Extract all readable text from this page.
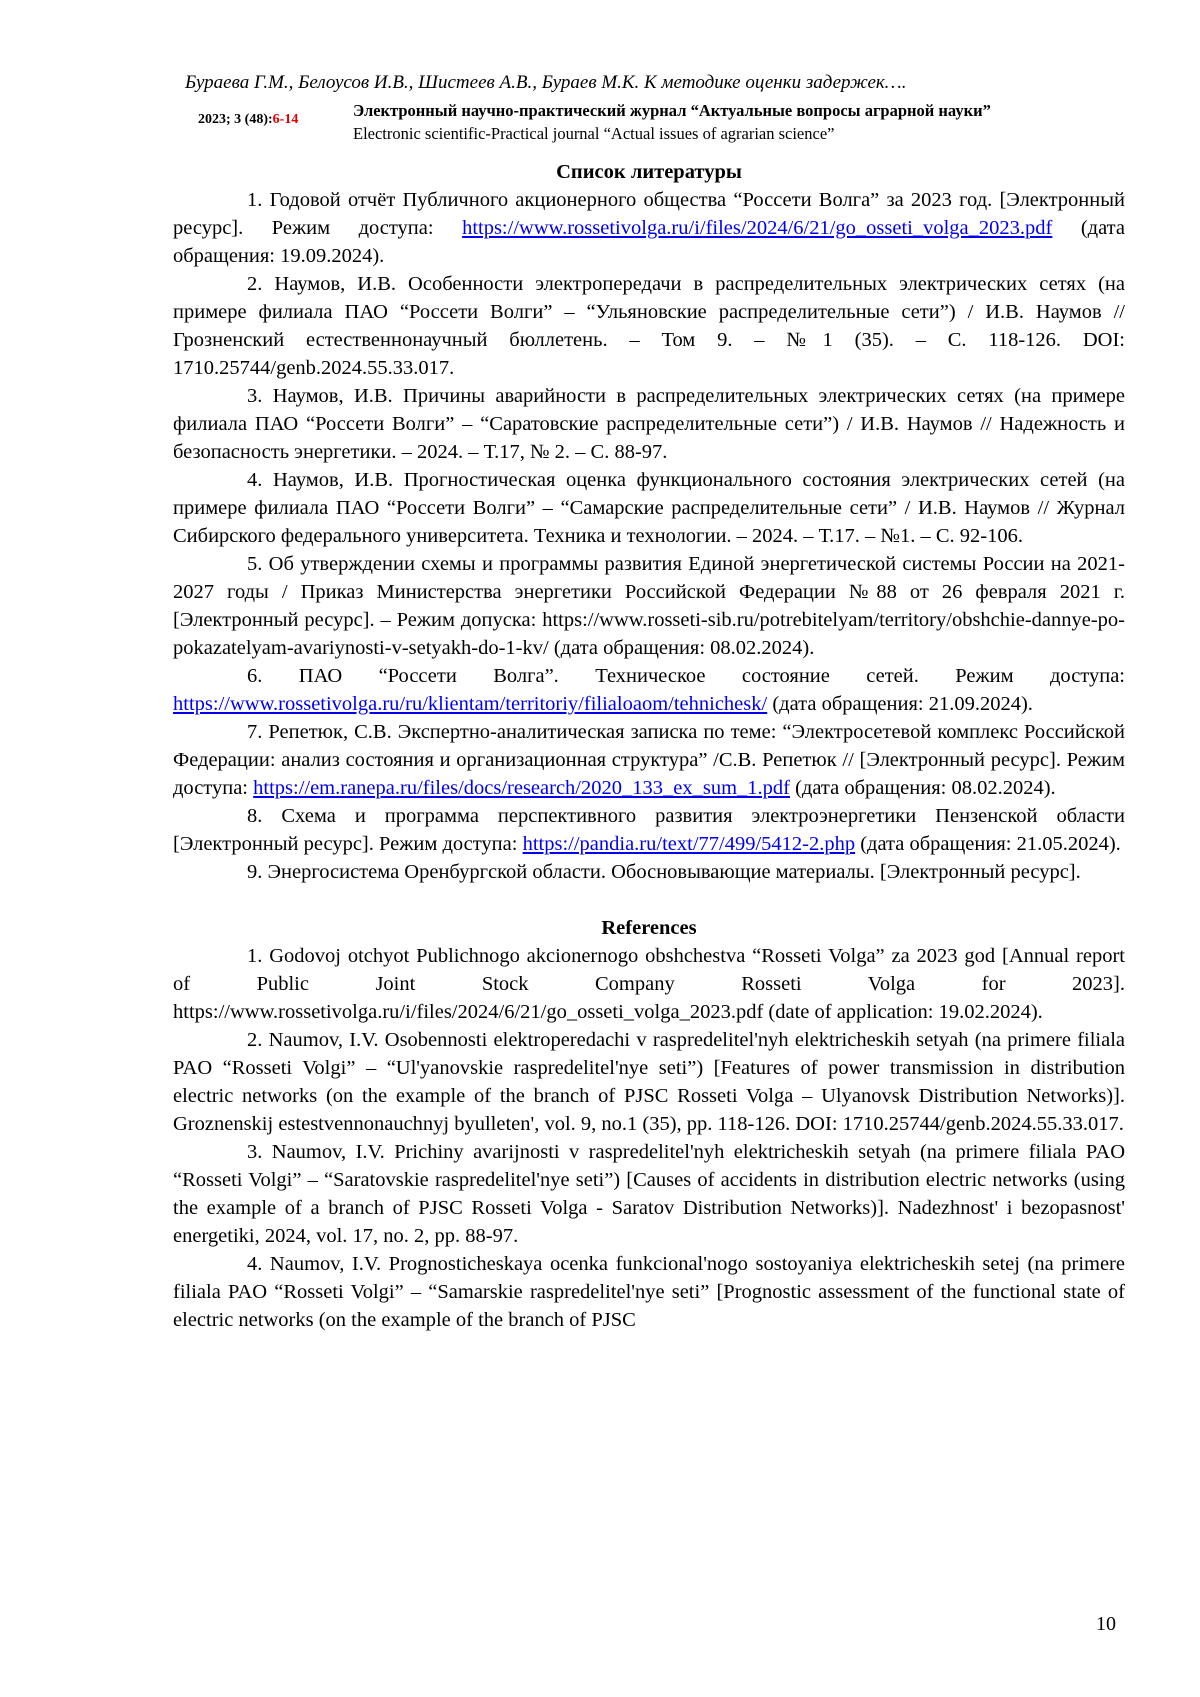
Бураева Г.М., Белоусов И.В., Шистеев А.В., Бураев М.К. К методике оценки задержек….
2023; 3 (48):6-14	Электронный научно-практический журнал “Актуальные вопросы аграрной науки”
Electronic scientific-Practical journal “Actual issues of agrarian science”

Список литературы

1. Годовой отчёт Публичного акционерного общества “Россети Волга” за 2023 год. [Электронный ресурс]. Режим доступа: https://www.rossetivolga.ru/i/files/2024/6/21/go_osseti_volga_2023.pdf (дата обращения: 19.09.2024).

2. Наумов, И.В. Особенности электропередачи в распределительных электрических сетях (на примере филиала ПАО “Россети Волги” – “Ульяновские распределительные сети”) / И.В. Наумов // Грозненский естественнонаучный бюллетень. – Том 9. – №1 (35). – С. 118-126. DOI: 1710.25744/genb.2024.55.33.017.

3. Наумов, И.В. Причины аварийности в распределительных электрических сетях (на примере филиала ПАО “Россети Волги” – “Саратовские распределительные сети”) / И.В. Наумов // Надежность и безопасность энергетики. – 2024. – Т.17, № 2. – С. 88-97.

4. Наумов, И.В. Прогностическая оценка функционального состояния электрических сетей (на примере филиала ПАО “Россети Волги” – “Самарские распределительные сети” / И.В. Наумов // Журнал Сибирского федерального университета. Техника и технологии. – 2024. – Т.17. – №1. – С. 92-106.

5. Об утверждении схемы и программы развития Единой энергетической системы России на 2021-2027 годы / Приказ Министерства энергетики Российской Федерации №88 от 26 февраля 2021 г. [Электронный ресурс]. – Режим допуска: https://www.rosseti-sib.ru/potrebitelyam/territory/obshchie-dannye-po-pokazatelyam-avariynosti-v-setyakh-do-1-kv/ (дата обращения: 08.02.2024).

6. ПАО “Россети Волга”. Техническое состояние сетей. Режим доступа: https://www.rossetivolga.ru/ru/klientam/territoriy/filialoaom/tehnichesk/ (дата обращения: 21.09.2024).

7. Репетюк, С.В. Экспертно-аналитическая записка по теме: “Электросетевой комплекс Российской Федерации: анализ состояния и организационная структура” /С.В. Репетюк // [Электронный ресурс]. Режим доступа: https://em.ranepa.ru/files/docs/research/2020_133_ex_sum_1.pdf (дата обращения: 08.02.2024).

8. Схема и программа перспективного развития электроэнергетики Пензенской области [Электронный ресурс]. Режим доступа: https://pandia.ru/text/77/499/5412-2.php (дата обращения: 21.05.2024).

9. Энергосистема Оренбургской области. Обосновывающие материалы. [Электронный ресурс].

References

1. Godovoj otchyot Publichnogo akcionernogo obshchestva “Rosseti Volga” za 2023 god [Annual report of Public Joint Stock Company Rosseti Volga for 2023]. https://www.rossetivolga.ru/i/files/2024/6/21/go_osseti_volga_2023.pdf (date of application: 19.02.2024).

2. Naumov, I.V. Osobennosti elektroperedachi v raspredelitel'nyh elektricheskih setyah (na primere filiala PAO “Rosseti Volgi” – “Ul'yanovskie raspredelitel'nye seti”) [Features of power transmission in distribution electric networks (on the example of the branch of PJSC Rosseti Volga – Ulyanovsk Distribution Networks)]. Groznenskij estestvennonauchnyj byulleten', vol. 9, no.1 (35), pp. 118-126. DOI: 1710.25744/genb.2024.55.33.017.

3. Naumov, I.V. Prichiny avarijnosti v raspredelitel'nyh elektricheskih setyah (na primere filiala PAO “Rosseti Volgi” – “Saratovskie raspredelitel'nye seti”) [Causes of accidents in distribution electric networks (using the example of a branch of PJSC Rosseti Volga - Saratov Distribution Networks)]. Nadezhnost' i bezopasnost' energetiki, 2024, vol. 17, no. 2, pp. 88-97.

4. Naumov, I.V. Prognosticheskaya ocenka funkcional'nogo sostoyaniya elektricheskih setej (na primere filiala PAO “Rosseti Volgi” – “Samarskie raspredelitel'nye seti” [Prognostic assessment of the functional state of electric networks (on the example of the branch of PJSC

10
